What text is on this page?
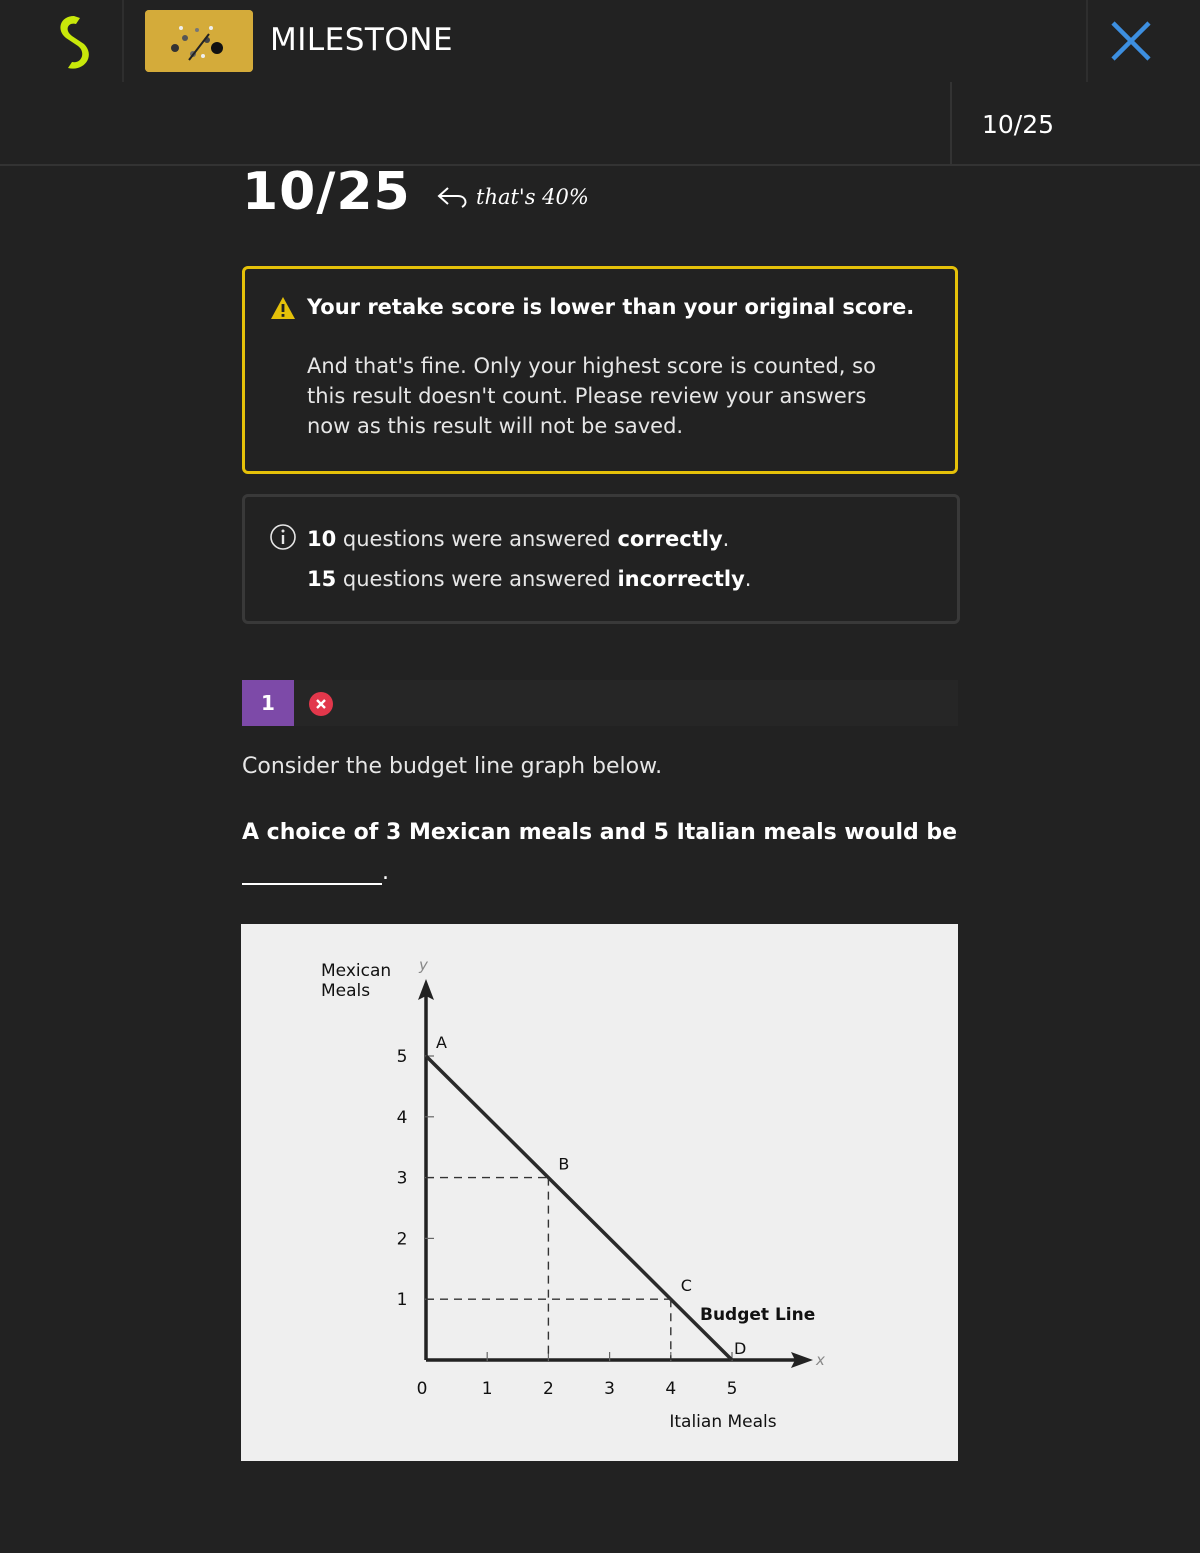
MILESTONE
10/25
10/25	that's 40%
Your retake score is lower than your original score.
And that's fine. Only your highest score is counted, so this result doesn't count. Please review your answers now as this result will not be saved.
10 questions were answered correctly.
15 questions were answered incorrectly.
1
Consider the budget line graph below.
A choice of 3 Mexican meals and 5 Italian meals would be
.
0	1	2	3	4	5
1
2
3
4
5
A
B
C
D
Budget Line
Mexican
Meals
Italian Meals
x
y
